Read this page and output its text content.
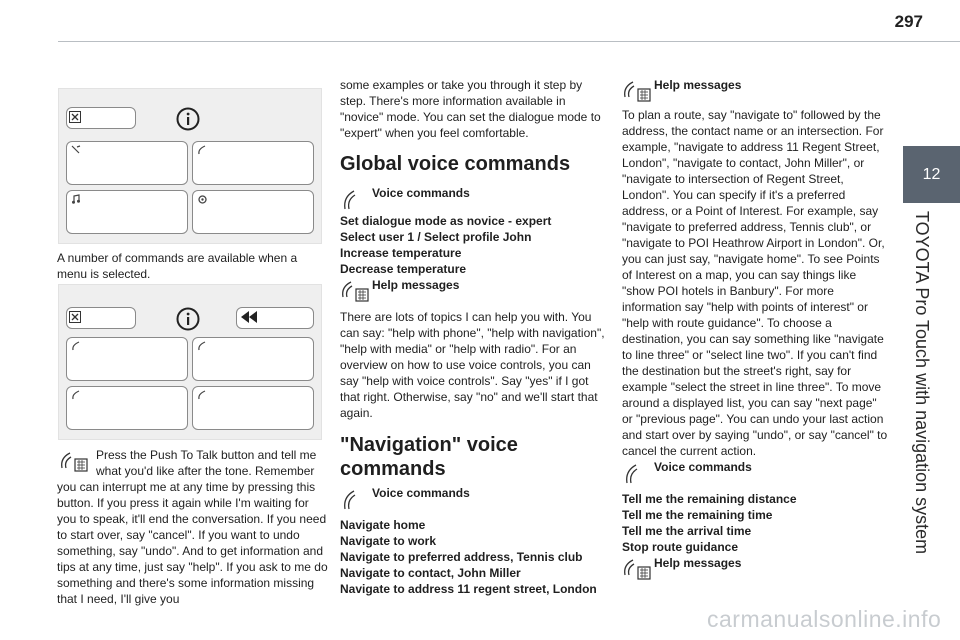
297
12
TOYOTA Pro Touch with navigation system

A number of commands are available when a menu is selected.

Press the Push To Talk button and tell me what you'd like after the tone. Remember
you can interrupt me at any time by pressing this button. If you press it again while I'm waiting for you to speak, it'll end the conversation. If you need to start over, say "cancel". If you want to undo something, say "undo". And to get information and tips at any time, just say "help". If you ask to me do something and there's some information missing that I need, I'll give you

some examples or take you through it step by step. There's more information available in "novice" mode. You can set the dialogue mode to "expert" when you feel comfortable.

Global voice commands

Voice commands
Set dialogue mode as novice - expert
Select user 1 / Select profile John
Increase temperature
Decrease temperature
Help messages

There are lots of topics I can help you with. You can say: "help with phone", "help with navigation", "help with media" or "help with radio". For an overview on how to use voice controls, you can say "help with voice controls". Say "yes" if I got that right. Otherwise, say "no" and we'll start that again.

"Navigation" voice

commands

Voice commands
Navigate home
Navigate to work
Navigate to preferred address, Tennis club
Navigate to contact, John Miller
Navigate to address 11 regent street, London
Help messages

To plan a route, say "navigate to" followed by the address, the contact name or an intersection. For example, "navigate to address 11 Regent Street, London", "navigate to contact, John Miller", or "navigate to intersection of Regent Street, London". You can specify if it's a preferred address, or a Point of Interest. For example, say "navigate to preferred address, Tennis club", or "navigate to POI Heathrow Airport in London". Or, you can just say, "navigate home". To see Points of Interest on a map, you can say things like "show POI hotels in Banbury". For more information say "help with points of interest" or "help with route guidance". To choose a destination, you can say something like "navigate to line three" or "select line two". If you can't find the destination but the street's right, say for example "select the street in line three". To move around a displayed list, you can say "next page" or "previous page". You can undo your last action and start over by saying "undo", or say "cancel" to cancel the current action.

Voice commands
Tell me the remaining distance
Tell me the remaining time
Tell me the arrival time
Stop route guidance
Help messages
carmanualsonline.info
